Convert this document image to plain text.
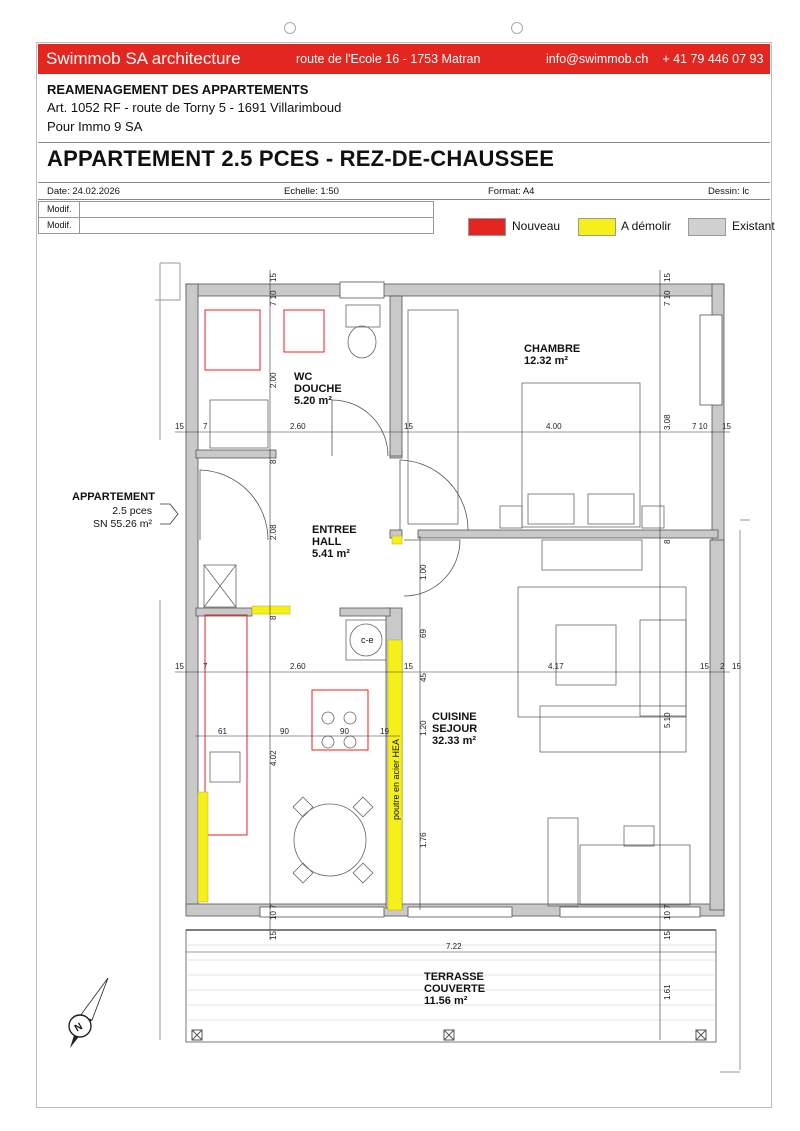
Swimmob SA architecture	route de l'Ecole 16 - 1753 Matran	info@swimmob.ch + 41 79 446 07 93
REAMENAGEMENT DES APPARTEMENTS
Art. 1052 RF - route de Torny 5 - 1691 Villarimboud
Pour Immo 9 SA
APPARTEMENT 2.5 PCES - REZ-DE-CHAUSSEE
Date: 24.02.2026	Echelle: 1:50	Format: A4	Dessin: lc
Modif.
Modif.	Nouveau	A démolir	Existant
WC
DOUCHE
5.20 m²
CHAMBRE
12.32 m²
ENTREE
HALL
5.41 m²
CUISINE
SEJOUR
32.33 m²
TERRASSE
COUVERTE
11.56 m²
APPARTEMENT
2.5 pces
SN 55.26 m²
c-e
poutre en acier HEA
N
15 7	2.60	15	4.00	7 10 15
15 7	2.60	15	4.17	15 2 15
61	90	90	19
7.22
15
7 10
2.00
8
2.08
8
4.02
10 7
15
1.00
69
45
1.20
1.76
15
7 10
3.08
8
5.10
10 7
15
1.61
